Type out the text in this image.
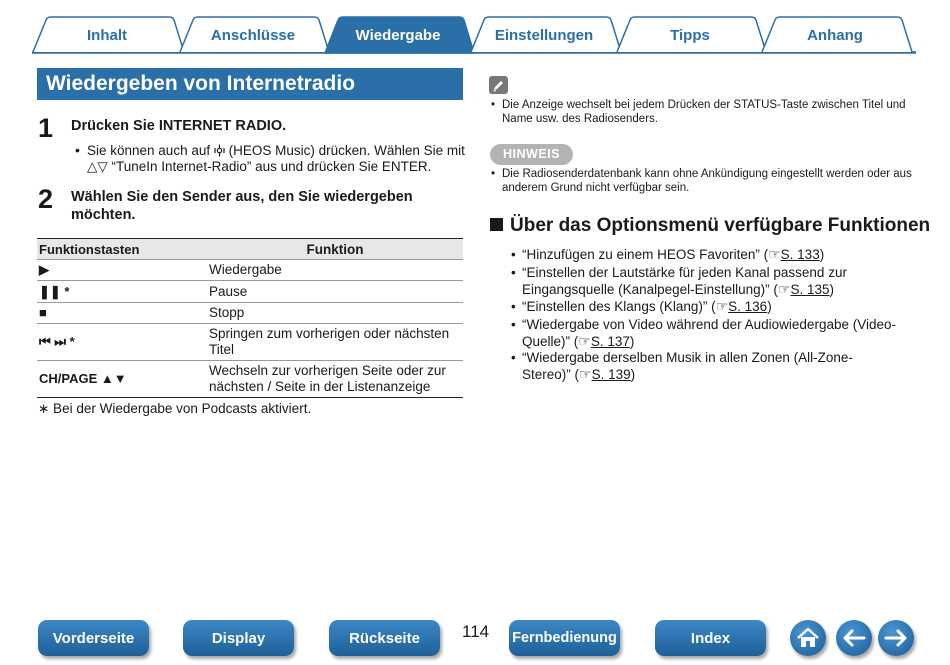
Inhalt	Anschlüsse	Wiedergabe	Einstellungen	Tipps	Anhang
Wiedergeben von Internetradio
1 Drücken Sie INTERNET RADIO.
• Sie können auch auf  (HEOS Music) drücken. Wählen Sie mit
△▽ “TuneIn Internet-Radio” aus und drücken Sie ENTER.
2 Wählen Sie den Sender aus, den Sie wiedergeben
möchten.
Funktionstasten	Funktion
▶	Wiedergabe
❚❚ *	Pause
■	Stopp
⏮ ⏭ *	Springen zum vorherigen oder nächsten Titel
CH/PAGE ▲▼	Wechseln zur vorherigen Seite oder zur nächsten / Seite in der Listenanzeige
∗ Bei der Wiedergabe von Podcasts aktiviert.
• Die Anzeige wechselt bei jedem Drücken der STATUS-Taste zwischen Titel und
Name usw. des Radiosenders.
HINWEIS
• Die Radiosenderdatenbank kann ohne Ankündigung eingestellt werden oder aus
anderem Grund nicht verfügbar sein.
Über das Optionsmenü verfügbare Funktionen
• “Hinzufügen zu einem HEOS Favoriten” (☞S. 133)
• “Einstellen der Lautstärke für jeden Kanal passend zur
Eingangsquelle (Kanalpegel-Einstellung)” (☞S. 135)
• “Einstellen des Klangs (Klang)” (☞S. 136)
• “Wiedergabe von Video während der Audiowiedergabe (Video-
Quelle)” (☞S. 137)
• “Wiedergabe derselben Musik in allen Zonen (All-Zone-
Stereo)” (☞S. 139)
Vorderseite	Display	Rückseite	114 Fernbedienung	Index
